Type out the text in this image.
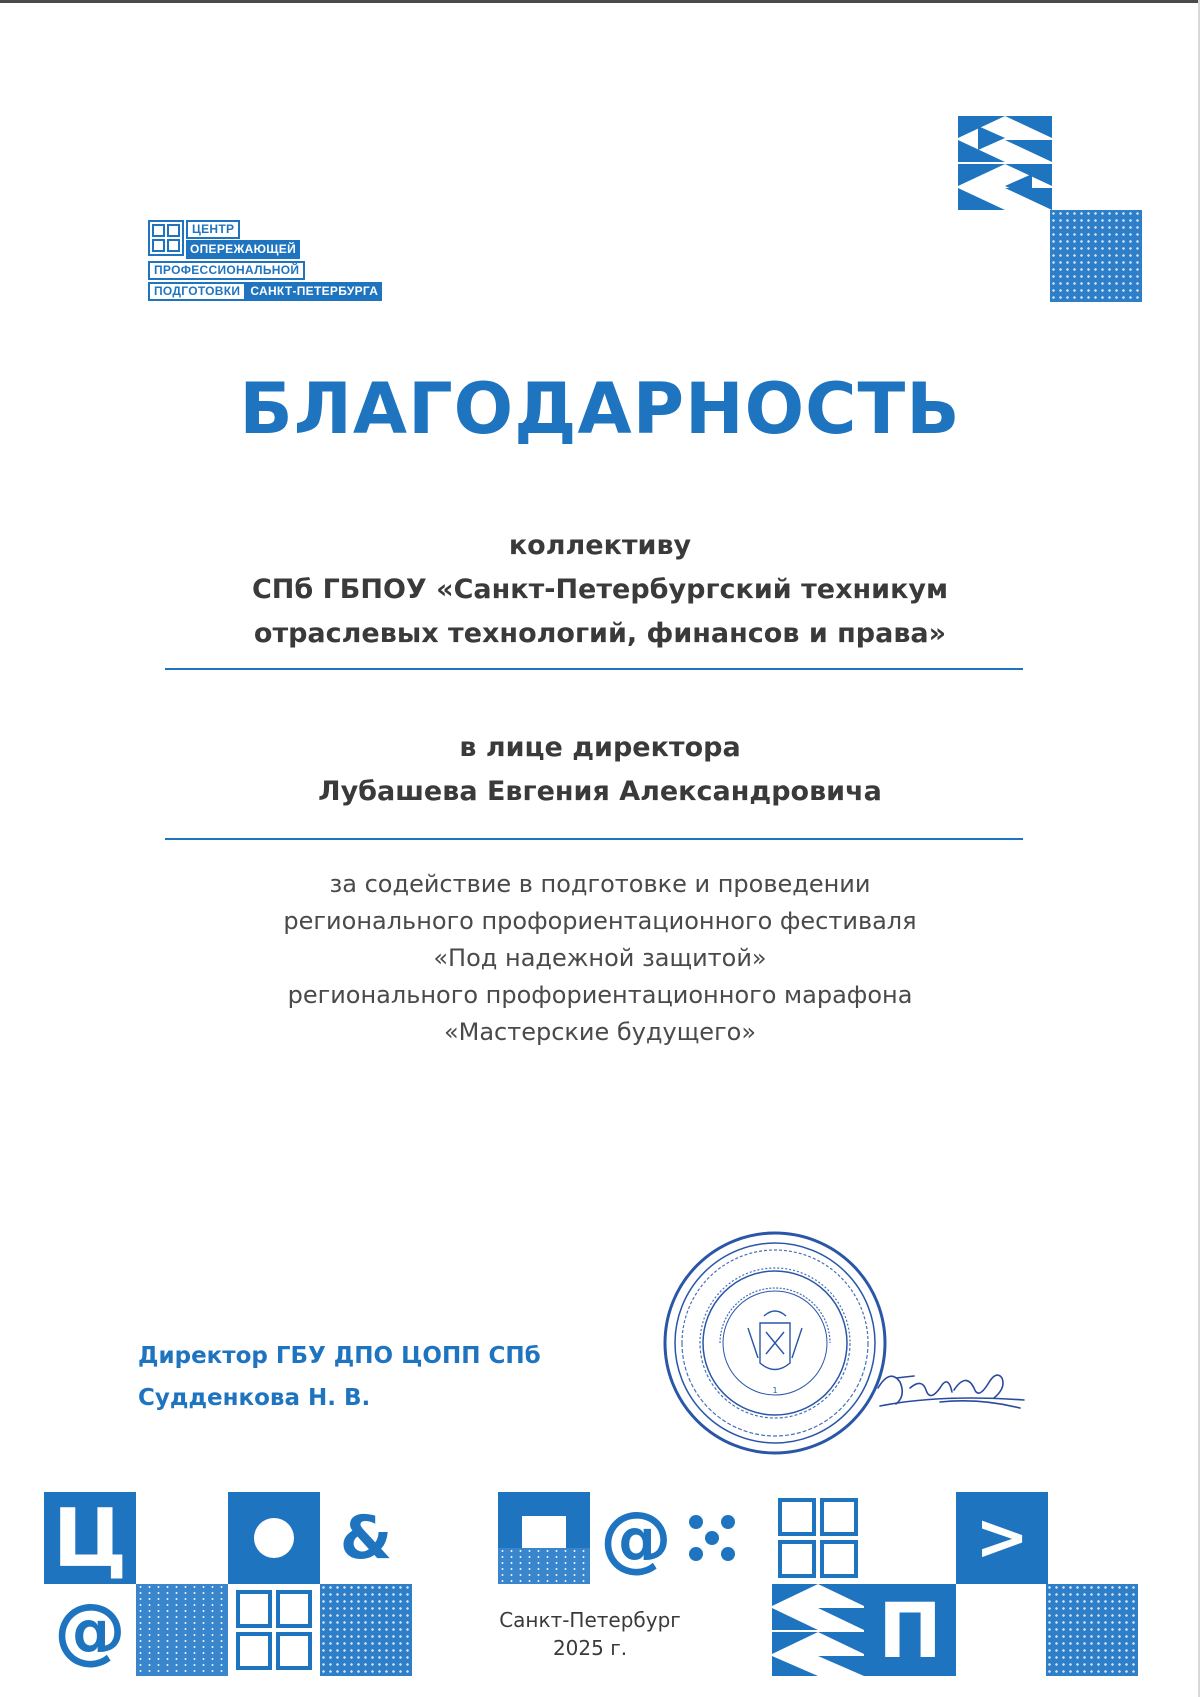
ЦЕНТР
ОПЕРЕЖАЮЩЕЙ
ПРОФЕССИОНАЛЬНОЙ
ПОДГОТОВКИ САНКТ-ПЕТЕРБУРГА
БЛАГОДАРНОСТЬ
коллективу
СПб ГБПОУ «Санкт-Петербургский техникум
отраслевых технологий, финансов и права»
в лице директора
Лубашева Евгения Александровича
за содействие в подготовке и проведении
регионального профориентационного фестиваля
«Под надежной защитой»
регионального профориентационного марафона
«Мастерские будущего»
Директор ГБУ ДПО ЦОПП СПб
Судденкова Н. В.	1
Ц	&
@
@
Санкт-Петербург
2025 г.
>
П
